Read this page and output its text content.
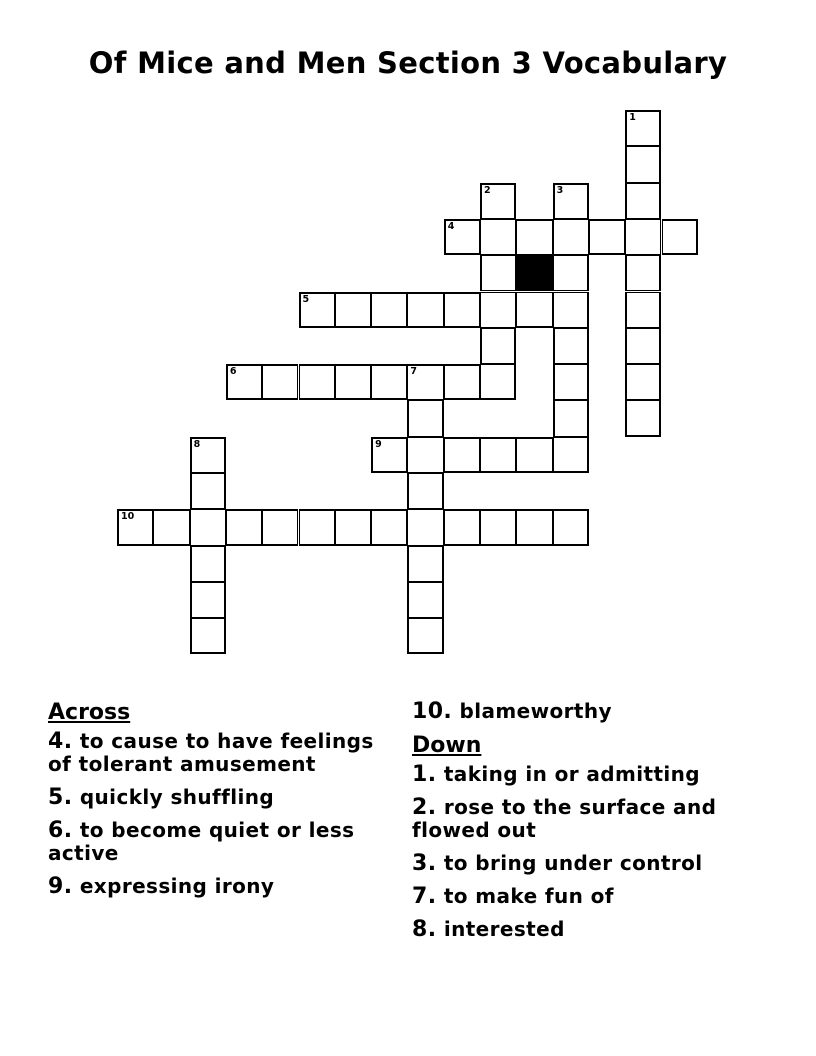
Of Mice and Men Section 3 Vocabulary
1
2	3
4
5
6	7
8	9
10
Across
4. to cause to have feelings of tolerant amusement
5. quickly shuffling
6. to become quiet or less active
9. expressing irony
10. blameworthy
Down
1. taking in or admitting
2. rose to the surface and flowed out
3. to bring under control
7. to make fun of
8. interested
